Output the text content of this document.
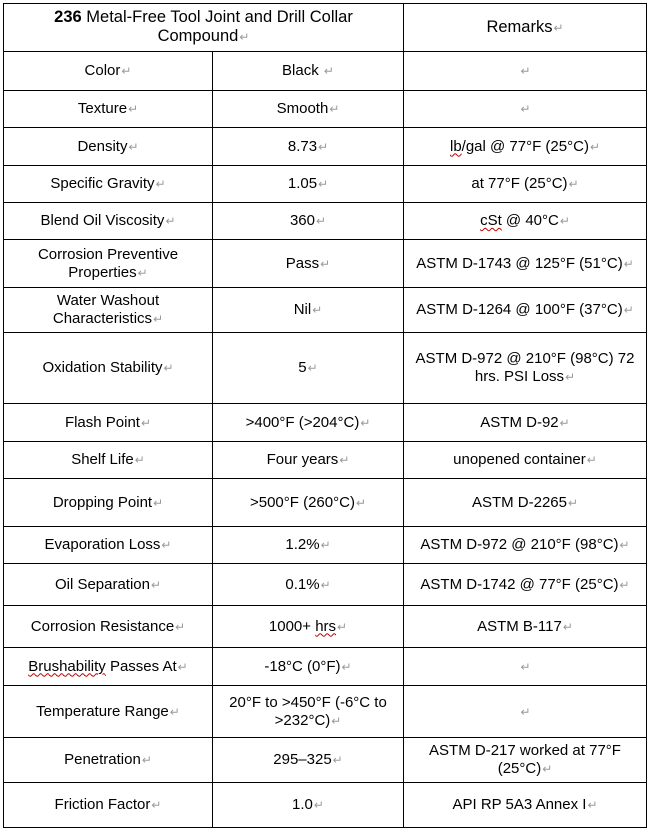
236 Metal-Free Tool Joint and Drill Collar Compound↵		Remarks↵
Color↵	Black ↵	↵
Texture↵	Smooth↵	↵
Density↵	8.73↵	lb/gal @ 77°F (25°C)↵
Specific Gravity↵	1.05↵	at 77°F (25°C)↵
Blend Oil Viscosity↵	360↵	cSt @ 40°C↵
Corrosion Preventive Properties↵	Pass↵	ASTM D-1743 @ 125°F (51°C)↵
Water Washout Characteristics↵	Nil↵	ASTM D-1264 @ 100°F (37°C)↵
Oxidation Stability↵	5↵	ASTM D-972 @ 210°F (98°C) 72 hrs. PSI Loss↵
Flash Point↵	>400°F (>204°C)↵	ASTM D-92↵
Shelf Life↵	Four years↵	unopened container↵
Dropping Point↵	>500°F (260°C)↵	ASTM D-2265↵
Evaporation Loss↵	1.2%↵	ASTM D-972 @ 210°F (98°C)↵
Oil Separation↵	0.1%↵	ASTM D-1742 @ 77°F (25°C)↵
Corrosion Resistance↵	1000+ hrs↵	ASTM B-117↵
Brushability Passes At↵	-18°C (0°F)↵	↵
Temperature Range↵	20°F to >450°F (-6°C to >232°C)↵	↵
Penetration↵	295–325↵	ASTM D-217 worked at 77°F (25°C)↵
Friction Factor↵	1.0↵	API RP 5A3 Annex I↵
